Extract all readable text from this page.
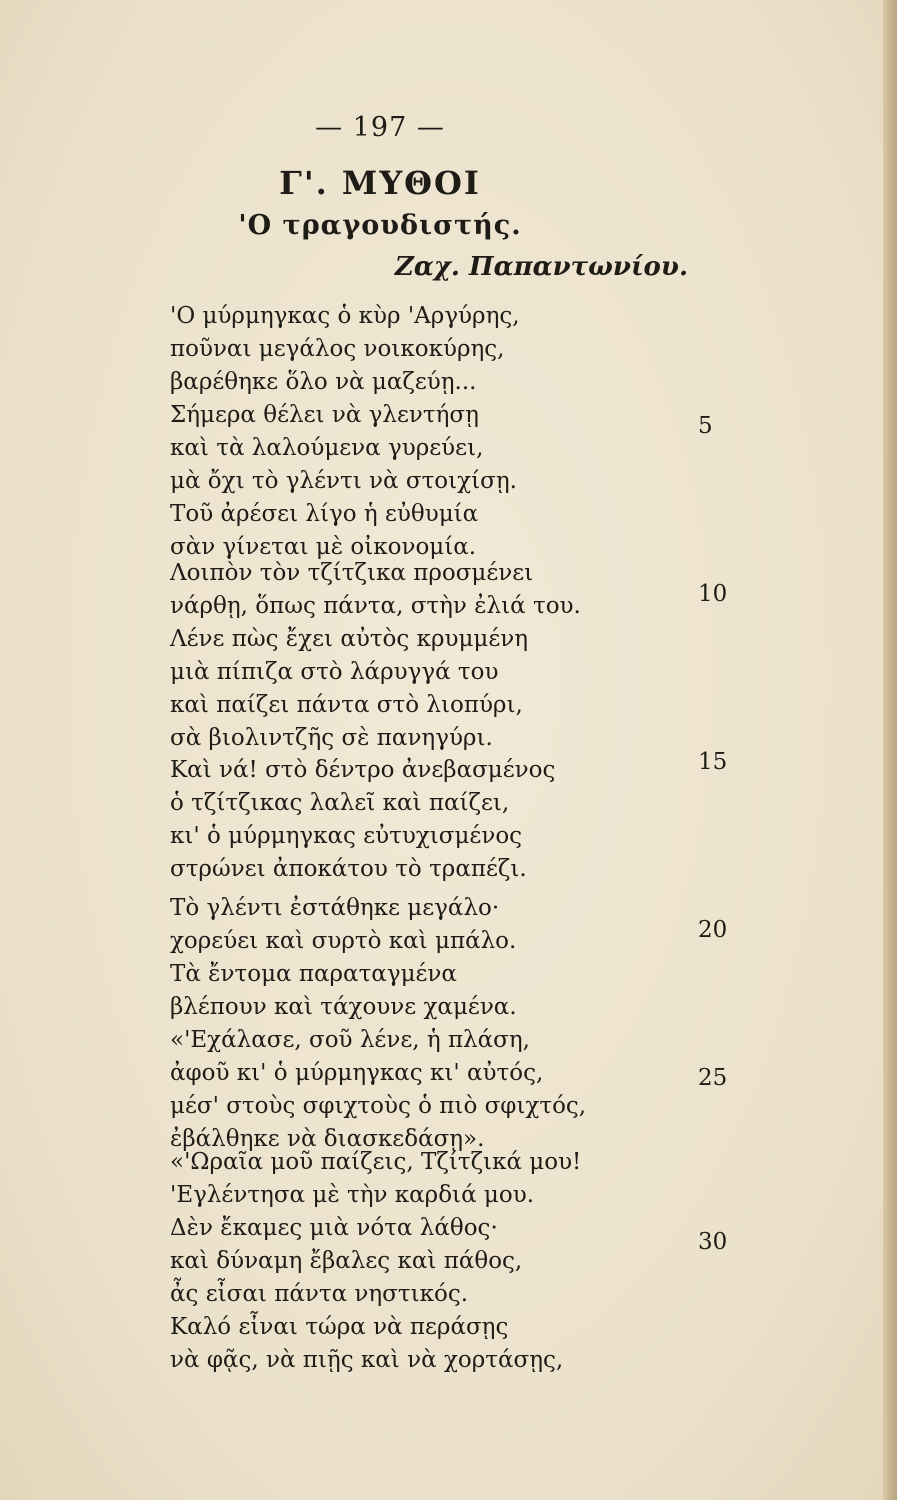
— 197 —
Γ'. ΜΥΘΟΙ
'Ο τραγουδιστής.
Ζαχ. Παπαντωνίου.
'Ο μύρμηγκας ὁ κὺρ 'Αργύρης,
ποῦναι μεγάλος νοικοκύρης,
βαρέθηκε ὅλο νὰ μαζεύῃ...
Σήμερα θέλει νὰ γλεντήσῃ
καὶ τὰ λαλούμενα γυρεύει,
μὰ ὄχι τὸ γλέντι νὰ στοιχίσῃ.
Τοῦ ἀρέσει λίγο ἡ εὐθυμία
σὰν γίνεται μὲ οἰκονομία.
Λοιπὸν τὸν τζίτζικα προσμένει
νάρθῃ, ὅπως πάντα, στὴν ἐλιά του.
Λένε πὼς ἔχει αὐτὸς κρυμμένη
μιὰ πίπιζα στὸ λάρυγγά του
καὶ παίζει πάντα στὸ λιοπύρι,
σὰ βιολιντζῆς σὲ πανηγύρι.
Καὶ νά! στὸ δέντρο ἀνεβασμένος
ὁ τζίτζικας λαλεῖ καὶ παίζει,
κι' ὁ μύρμηγκας εὐτυχισμένος
στρώνει ἀποκάτου τὸ τραπέζι.
Τὸ γλέντι ἐστάθηκε μεγάλο·
χορεύει καὶ συρτὸ καὶ μπάλο.
Τὰ ἔντομα παραταγμένα
βλέπουν καὶ τάχουνε χαμένα.
«'Εχάλασε, σοῦ λένε, ἡ πλάση,
ἀφοῦ κι' ὁ μύρμηγκας κι' αὐτός,
μέσ' στοὺς σφιχτοὺς ὁ πιὸ σφιχτός,
ἐβάλθηκε νὰ διασκεδάσῃ».
«'Ωραῖα μοῦ παίζεις, Τζίτζικά μου!
'Εγλέντησα μὲ τὴν καρδιά μου.
Δὲν ἔκαμες μιὰ νότα λάθος·
καὶ δύναμη ἔβαλες καὶ πάθος,
ἆς εἶσαι πάντα νηστικός.
Καλό εἶναι τώρα νὰ περάσῃς
νὰ φᾷς, νὰ πιῇς καὶ νὰ χορτάσῃς,
5
10
15
20
25
30
